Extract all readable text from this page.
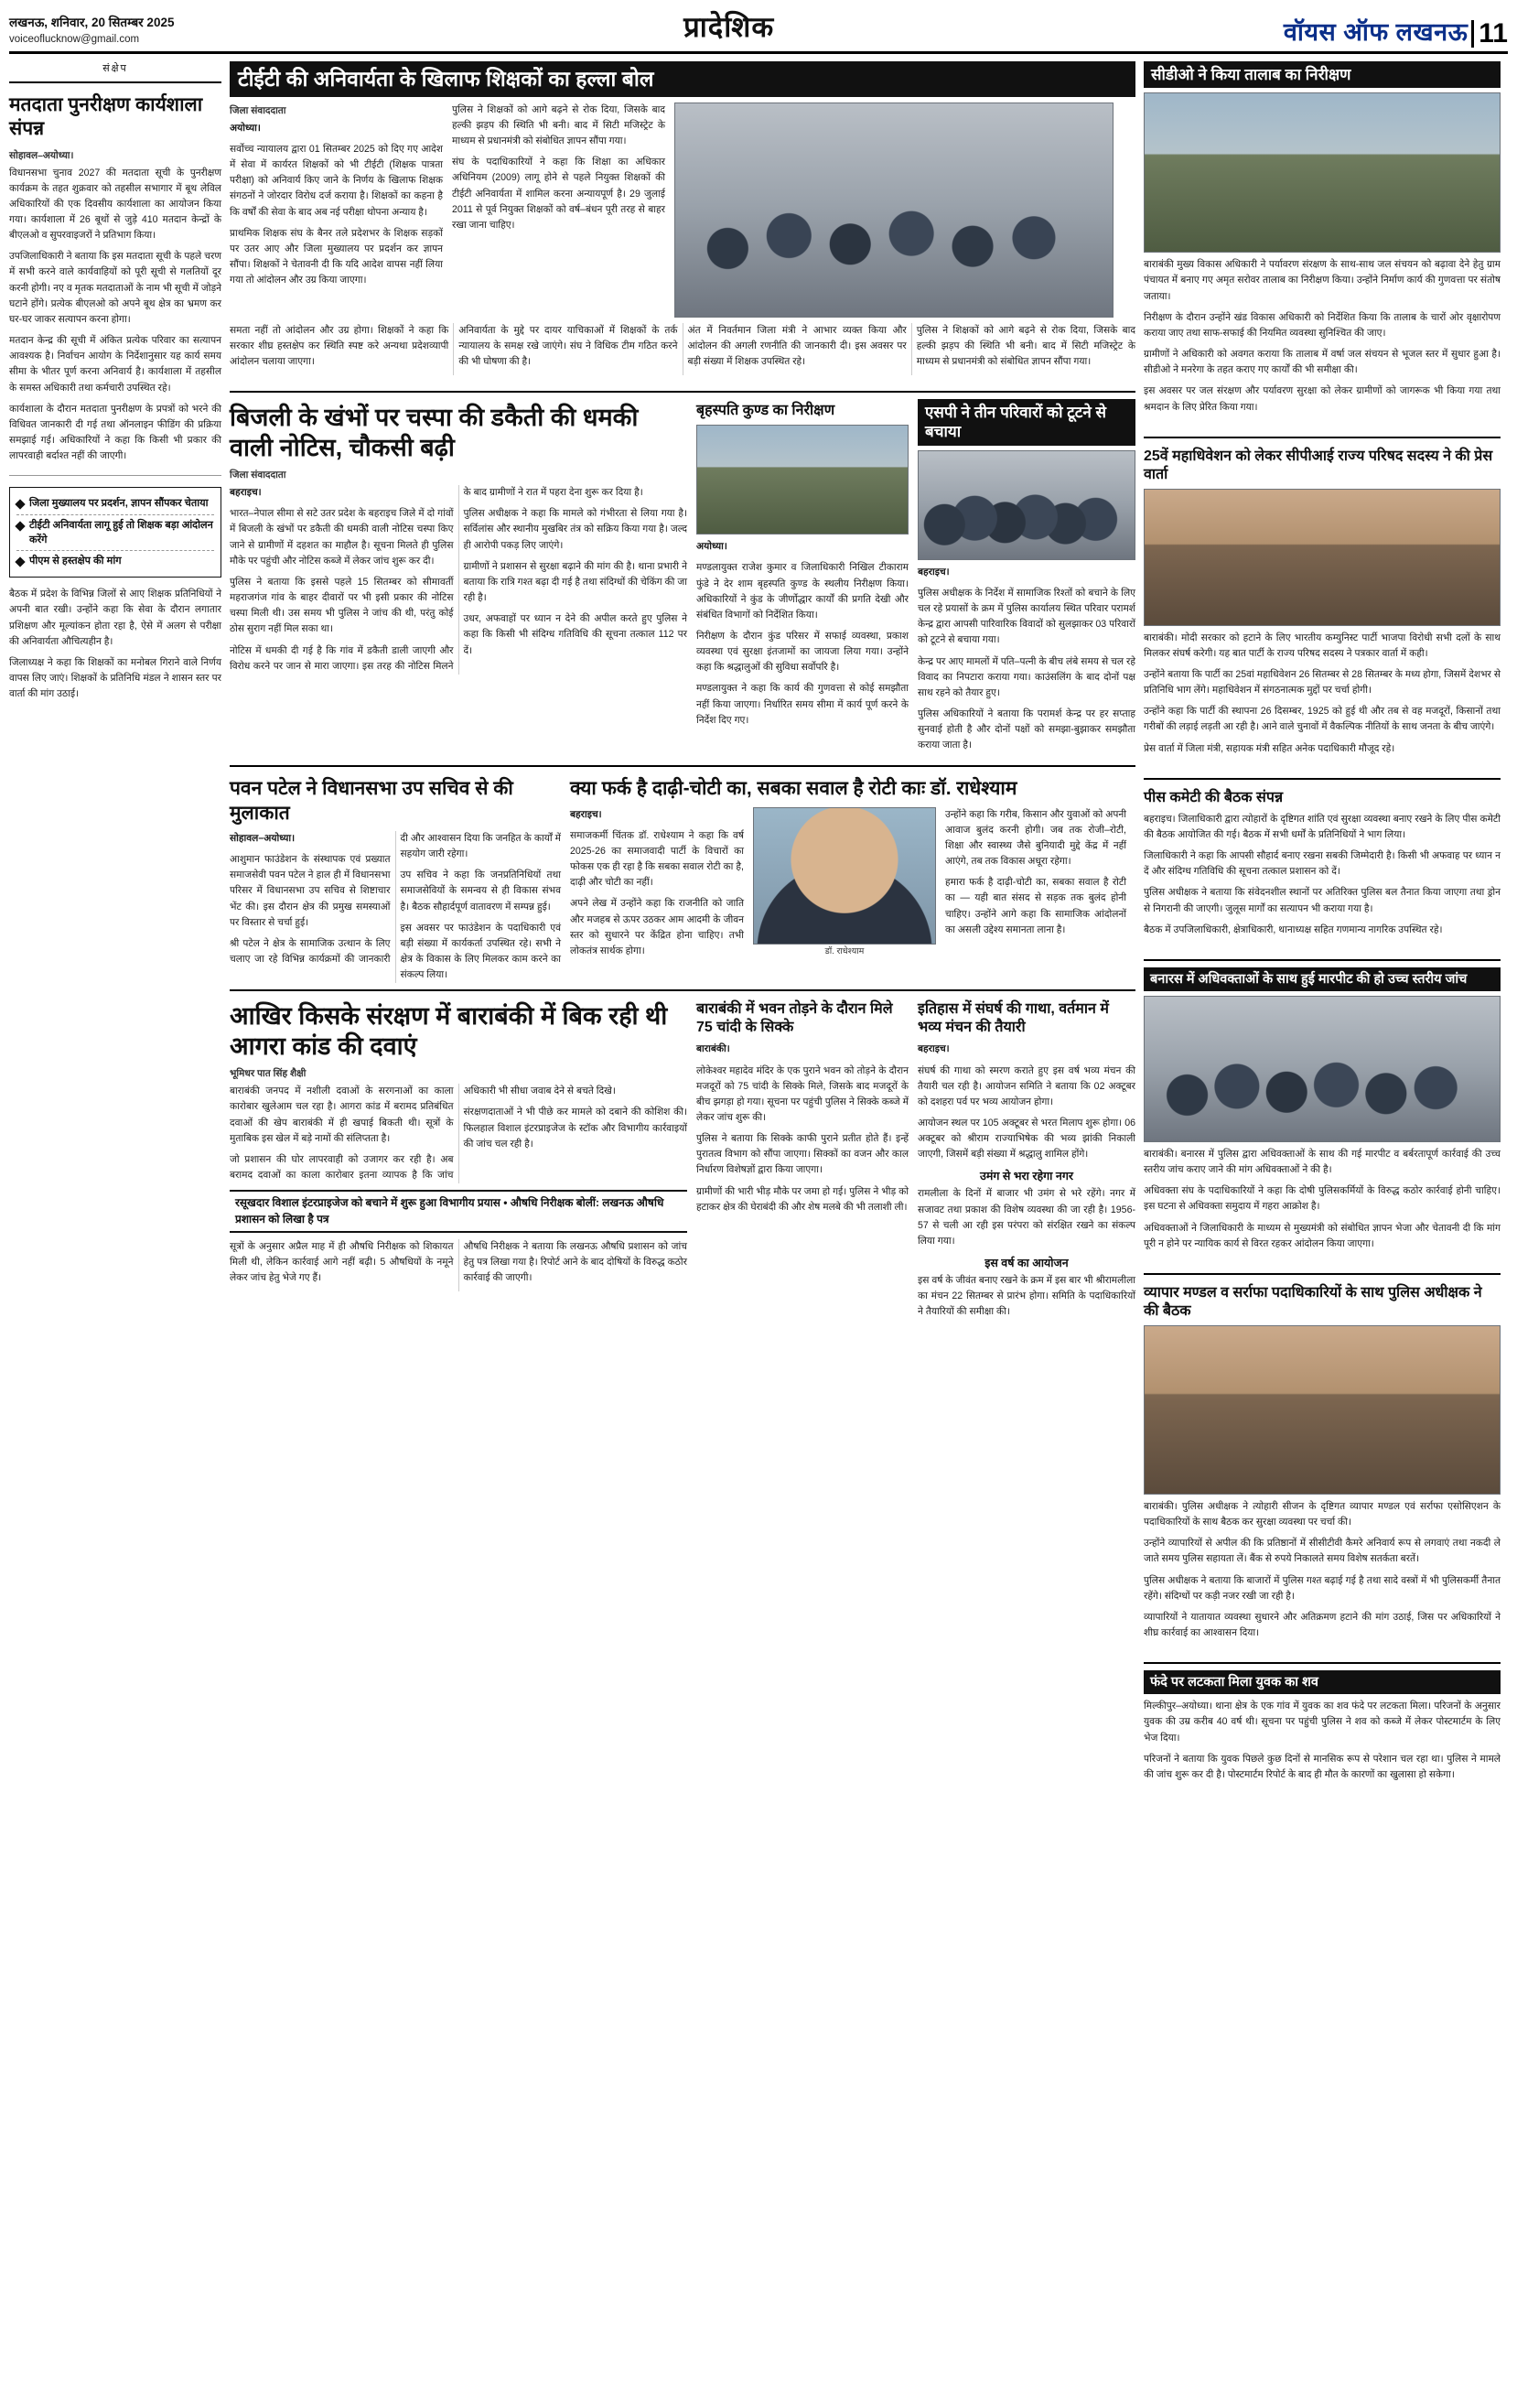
लखनऊ, शनिवार, 20 सितम्बर 2025
voiceoflucknow@gmail.com	प्रादेशिक	वॉयस ऑफ लखनऊ 11
संक्षेप
मतदाता पुनरीक्षण कार्यशाला संपन्न
सोहावल–अयोध्या।

विधानसभा चुनाव 2027 की मतदाता सूची के पुनरीक्षण कार्यक्रम के तहत शुक्रवार को तहसील सभागार में बूथ लेविल अधिकारियों की एक दिवसीय कार्यशाला का आयोजन किया गया। कार्यशाला में 26 बूथों से जुड़े 410 मतदान केन्द्रों के बीएलओ व सुपरवाइजरों ने प्रतिभाग किया।

उपजिलाधिकारी ने बताया कि इस मतदाता सूची के पहले चरण में सभी करने वाले कार्यवाहियों को पूरी सूची से गलतियों दूर करनी होगी। नए व मृतक मतदाताओं के नाम भी सूची में जोड़ने घटाने होंगे। प्रत्येक बीएलओ को अपने बूथ क्षेत्र का भ्रमण कर घर-घर जाकर सत्यापन करना होगा।

मतदान केन्द्र की सूची में अंकित प्रत्येक परिवार का सत्यापन आवश्यक है। निर्वाचन आयोग के निर्देशानुसार यह कार्य समय सीमा के भीतर पूर्ण करना अनिवार्य है। कार्यशाला में तहसील के समस्त अधिकारी तथा कर्मचारी उपस्थित रहे।

कार्यशाला के दौरान मतदाता पुनरीक्षण के प्रपत्रों को भरने की विधिवत जानकारी दी गई तथा ऑनलाइन फीडिंग की प्रक्रिया समझाई गई। अधिकारियों ने कहा कि किसी भी प्रकार की लापरवाही बर्दाश्त नहीं की जाएगी।

जिला मुख्यालय पर प्रदर्शन, ज्ञापन सौंपकर चेताया
टीईटी अनिवार्यता लागू हुई तो शिक्षक बड़ा आंदोलन करेंगे
पीएम से हस्तक्षेप की मांग

बैठक में प्रदेश के विभिन्न जिलों से आए शिक्षक प्रतिनिधियों ने अपनी बात रखी। उन्होंने कहा कि सेवा के दौरान लगातार प्रशिक्षण और मूल्यांकन होता रहा है, ऐसे में अलग से परीक्षा की अनिवार्यता औचित्यहीन है।

जिलाध्यक्ष ने कहा कि शिक्षकों का मनोबल गिराने वाले निर्णय वापस लिए जाएं। शिक्षकों के प्रतिनिधि मंडल ने शासन स्तर पर वार्ता की मांग उठाई।

टीईटी की अनिवार्यता के खिलाफ शिक्षकों का हल्ला बोल
जिला संवाददाता

अयोध्या।

सर्वोच्च न्यायालय द्वारा 01 सितम्बर 2025 को दिए गए आदेश में सेवा में कार्यरत शिक्षकों को भी टीईटी (शिक्षक पात्रता परीक्षा) को अनिवार्य किए जाने के निर्णय के खिलाफ शिक्षक संगठनों ने जोरदार विरोध दर्ज कराया है। शिक्षकों का कहना है कि वर्षों की सेवा के बाद अब नई परीक्षा थोपना अन्याय है।

प्राथमिक शिक्षक संघ के बैनर तले प्रदेशभर के शिक्षक सड़कों पर उतर आए और जिला मुख्यालय पर प्रदर्शन कर ज्ञापन सौंपा। शिक्षकों ने चेतावनी दी कि यदि आदेश वापस नहीं लिया गया तो आंदोलन और उग्र किया जाएगा।

पुलिस ने शिक्षकों को आगे बढ़ने से रोक दिया, जिसके बाद हल्की झड़प की स्थिति भी बनी। बाद में सिटी मजिस्ट्रेट के माध्यम से प्रधानमंत्री को संबोधित ज्ञापन सौंपा गया।

संघ के पदाधिकारियों ने कहा कि शिक्षा का अधिकार अधिनियम (2009) लागू होने से पहले नियुक्त शिक्षकों की टीईटी अनिवार्यता में शामिल करना अन्यायपूर्ण है। 29 जुलाई 2011 से पूर्व नियुक्त शिक्षकों को वर्ष–बंधन पूरी तरह से बाहर रखा जाना चाहिए।

समता नहीं तो आंदोलन और उग्र होगा। शिक्षकों ने कहा कि सरकार शीघ्र हस्तक्षेप कर स्थिति स्पष्ट करे अन्यथा प्रदेशव्यापी आंदोलन चलाया जाएगा।

अनिवार्यता के मुद्दे पर दायर याचिकाओं में शिक्षकों के तर्क न्यायालय के समक्ष रखे जाएंगे। संघ ने विधिक टीम गठित करने की भी घोषणा की है।

अंत में निवर्तमान जिला मंत्री ने आभार व्यक्त किया और आंदोलन की अगली रणनीति की जानकारी दी। इस अवसर पर बड़ी संख्या में शिक्षक उपस्थित रहे।

पुलिस ने शिक्षकों को आगे बढ़ने से रोक दिया, जिसके बाद हल्की झड़प की स्थिति भी बनी। बाद में सिटी मजिस्ट्रेट के माध्यम से प्रधानमंत्री को संबोधित ज्ञापन सौंपा गया।

बिजली के खंभों पर चस्पा की डकैती की धमकी वाली नोटिस, चौकसी बढ़ी
जिला संवाददाता

बहराइच।

भारत–नेपाल सीमा से सटे उतर प्रदेश के बहराइच जिले में दो गांवों में बिजली के खंभों पर डकैती की धमकी वाली नोटिस चस्पा किए जाने से ग्रामीणों में दहशत का माहौल है। सूचना मिलते ही पुलिस मौके पर पहुंची और नोटिस कब्जे में लेकर जांच शुरू कर दी।

पुलिस ने बताया कि इससे पहले 15 सितम्बर को सीमावर्ती महराजगंज गांव के बाहर दीवारों पर भी इसी प्रकार की नोटिस चस्पा मिली थी। उस समय भी पुलिस ने जांच की थी, परंतु कोई ठोस सुराग नहीं मिल सका था।

नोटिस में धमकी दी गई है कि गांव में डकैती डाली जाएगी और विरोध करने पर जान से मारा जाएगा। इस तरह की नोटिस मिलने के बाद ग्रामीणों ने रात में पहरा देना शुरू कर दिया है।

पुलिस अधीक्षक ने कहा कि मामले को गंभीरता से लिया गया है। सर्विलांस और स्थानीय मुखबिर तंत्र को सक्रिय किया गया है। जल्द ही आरोपी पकड़ लिए जाएंगे।

ग्रामीणों ने प्रशासन से सुरक्षा बढ़ाने की मांग की है। थाना प्रभारी ने बताया कि रात्रि गश्त बढ़ा दी गई है तथा संदिग्धों की चेकिंग की जा रही है।

उधर, अफवाहों पर ध्यान न देने की अपील करते हुए पुलिस ने कहा कि किसी भी संदिग्ध गतिविधि की सूचना तत्काल 112 पर दें।

बृहस्पति कुण्ड का निरीक्षण

अयोध्या।

मण्डलायुक्त राजेश कुमार व जिलाधिकारी निखिल टीकाराम फुंडे ने देर शाम बृहस्पति कुण्ड के स्थलीय निरीक्षण किया। अधिकारियों ने कुंड के जीर्णोद्धार कार्यों की प्रगति देखी और संबंधित विभागों को निर्देशित किया।

निरीक्षण के दौरान कुंड परिसर में सफाई व्यवस्था, प्रकाश व्यवस्था एवं सुरक्षा इंतजामों का जायजा लिया गया। उन्होंने कहा कि श्रद्धालुओं की सुविधा सर्वोपरि है।

मण्डलायुक्त ने कहा कि कार्य की गुणवत्ता से कोई समझौता नहीं किया जाएगा। निर्धारित समय सीमा में कार्य पूर्ण करने के निर्देश दिए गए।

एसपी ने तीन परिवारों को टूटने से बचाया

बहराइच।

पुलिस अधीक्षक के निर्देश में सामाजिक रिश्तों को बचाने के लिए चल रहे प्रयासों के क्रम में पुलिस कार्यालय स्थित परिवार परामर्श केन्द्र द्वारा आपसी पारिवारिक विवादों को सुलझाकर 03 परिवारों को टूटने से बचाया गया।

केन्द्र पर आए मामलों में पति–पत्नी के बीच लंबे समय से चल रहे विवाद का निपटारा कराया गया। काउंसलिंग के बाद दोनों पक्ष साथ रहने को तैयार हुए।

पुलिस अधिकारियों ने बताया कि परामर्श केन्द्र पर हर सप्ताह सुनवाई होती है और दोनों पक्षों को समझा-बुझाकर समझौता कराया जाता है।

पवन पटेल ने विधानसभा उप सचिव से की मुलाकात

सोहावल–अयोध्या।

आशुमान फाउंडेशन के संस्थापक एवं प्रख्यात समाजसेवी पवन पटेल ने हाल ही में विधानसभा परिसर में विधानसभा उप सचिव से शिष्टाचार भेंट की। इस दौरान क्षेत्र की प्रमुख समस्याओं पर विस्तार से चर्चा हुई।

श्री पटेल ने क्षेत्र के सामाजिक उत्थान के लिए चलाए जा रहे विभिन्न कार्यक्रमों की जानकारी दी और आश्वासन दिया कि जनहित के कार्यों में सहयोग जारी रहेगा।

उप सचिव ने कहा कि जनप्रतिनिधियों तथा समाजसेवियों के समन्वय से ही विकास संभव है। बैठक सौहार्दपूर्ण वातावरण में सम्पन्न हुई।

इस अवसर पर फाउंडेशन के पदाधिकारी एवं बड़ी संख्या में कार्यकर्ता उपस्थित रहे। सभी ने क्षेत्र के विकास के लिए मिलकर काम करने का संकल्प लिया।

क्या फर्क है दाढ़ी-चोटी का, सबका सवाल है रोटी काः डॉ. राधेश्याम

बहराइच।

समाजकर्मी चिंतक डॉ. राधेश्याम ने कहा कि वर्ष 2025-26 का समाजवादी पार्टी के विचारों का फोकस एक ही रहा है कि सबका सवाल रोटी का है, दाढ़ी और चोटी का नहीं।

अपने लेख में उन्होंने कहा कि राजनीति को जाति और मजहब से ऊपर उठकर आम आदमी के जीवन स्तर को सुधारने पर केंद्रित होना चाहिए। तभी लोकतंत्र सार्थक होगा।	डॉ. राधेश्याम

उन्होंने कहा कि गरीब, किसान और युवाओं को अपनी आवाज बुलंद करनी होगी। जब तक रोजी–रोटी, शिक्षा और स्वास्थ्य जैसे बुनियादी मुद्दे केंद्र में नहीं आएंगे, तब तक विकास अधूरा रहेगा।

हमारा फर्क है दाढ़ी-चोटी का, सबका सवाल है रोटी का — यही बात संसद से सड़क तक बुलंद होनी चाहिए। उन्होंने आगे कहा कि सामाजिक आंदोलनों का असली उद्देश्य समानता लाना है।

आखिर किसके संरक्षण में बाराबंकी में बिक रही थी आगरा कांड की दवाएं
भूमिधर पात सिंह शैक्षी

बाराबंकी जनपद में नशीली दवाओं के सरगनाओं का काला कारोबार खुलेआम चल रहा है। आगरा कांड में बरामद प्रतिबंधित दवाओं की खेप बाराबंकी में ही खपाई बिकती थी। सूत्रों के मुताबिक इस खेल में बड़े नामों की संलिप्तता है।

जो प्रशासन की घोर लापरवाही को उजागर कर रही है। अब बरामद दवाओं का काला कारोबार इतना व्यापक है कि जांच अधिकारी भी सीधा जवाब देने से बचते दिखे।

संरक्षणदाताओं ने भी पीछे कर मामले को दबाने की कोशिश की। फिलहाल विशाल इंटरप्राइजेज के स्टॉक और विभागीय कार्रवाइयों की जांच चल रही है।

रसूखदार विशाल इंटरप्राइजेज को बचाने में शुरू हुआ विभागीय प्रयास • औषधि निरीक्षक बोलीं: लखनऊ औषधि प्रशासन को लिखा है पत्र

सूत्रों के अनुसार अप्रैल माह में ही औषधि निरीक्षक को शिकायत मिली थी, लेकिन कार्रवाई आगे नहीं बढ़ी। 5 औषधियों के नमूने लेकर जांच हेतु भेजे गए हैं।

औषधि निरीक्षक ने बताया कि लखनऊ औषधि प्रशासन को जांच हेतु पत्र लिखा गया है। रिपोर्ट आने के बाद दोषियों के विरुद्ध कठोर कार्रवाई की जाएगी।

बाराबंकी में भवन तोड़ने के दौरान मिले 75 चांदी के सिक्के

बाराबंकी।

लोकेश्वर महादेव मंदिर के एक पुराने भवन को तोड़ने के दौरान मजदूरों को 75 चांदी के सिक्के मिले, जिसके बाद मजदूरों के बीच झगड़ा हो गया। सूचना पर पहुंची पुलिस ने सिक्के कब्जे में लेकर जांच शुरू की।

पुलिस ने बताया कि सिक्के काफी पुराने प्रतीत होते हैं। इन्हें पुरातत्व विभाग को सौंपा जाएगा। सिक्कों का वजन और काल निर्धारण विशेषज्ञों द्वारा किया जाएगा।

ग्रामीणों की भारी भीड़ मौके पर जमा हो गई। पुलिस ने भीड़ को हटाकर क्षेत्र की घेराबंदी की और शेष मलबे की भी तलाशी ली।

इतिहास में संघर्ष की गाथा, वर्तमान में भव्य मंचन की तैयारी

बहराइच।

संघर्ष की गाथा को स्मरण कराते हुए इस वर्ष भव्य मंचन की तैयारी चल रही है। आयोजन समिति ने बताया कि 02 अक्टूबर को दशहरा पर्व पर भव्य आयोजन होगा।

आयोजन स्थल पर 105 अक्टूबर से भरत मिलाप शुरू होगा। 06 अक्टूबर को श्रीराम राज्याभिषेक की भव्य झांकी निकाली जाएगी, जिसमें बड़ी संख्या में श्रद्धालु शामिल होंगे।

उमंग से भरा रहेगा नगर

रामलीला के दिनों में बाजार भी उमंग से भरे रहेंगे। नगर में सजावट तथा प्रकाश की विशेष व्यवस्था की जा रही है। 1956-57 से चली आ रही इस परंपरा को संरक्षित रखने का संकल्प लिया गया।

इस वर्ष का आयोजन

इस वर्ष के जीवंत बनाए रखने के क्रम में इस बार भी श्रीरामलीला का मंचन 22 सितम्बर से प्रारंभ होगा। समिति के पदाधिकारियों ने तैयारियों की समीक्षा की।

सीडीओ ने किया तालाब का निरीक्षण

बाराबंकी मुख्य विकास अधिकारी ने पर्यावरण संरक्षण के साथ-साथ जल संचयन को बढ़ावा देने हेतु ग्राम पंचायत में बनाए गए अमृत सरोवर तालाब का निरीक्षण किया। उन्होंने निर्माण कार्य की गुणवत्ता पर संतोष जताया।

निरीक्षण के दौरान उन्होंने खंड विकास अधिकारी को निर्देशित किया कि तालाब के चारों ओर वृक्षारोपण कराया जाए तथा साफ-सफाई की नियमित व्यवस्था सुनिश्चित की जाए।

ग्रामीणों ने अधिकारी को अवगत कराया कि तालाब में वर्षा जल संचयन से भूजल स्तर में सुधार हुआ है। सीडीओ ने मनरेगा के तहत कराए गए कार्यों की भी समीक्षा की।

इस अवसर पर जल संरक्षण और पर्यावरण सुरक्षा को लेकर ग्रामीणों को जागरूक भी किया गया तथा श्रमदान के लिए प्रेरित किया गया।

25वें महाधिवेशन को लेकर सीपीआई राज्य परिषद सदस्य ने की प्रेस वार्ता

बाराबंकी। मोदी सरकार को हटाने के लिए भारतीय कम्युनिस्ट पार्टी भाजपा विरोधी सभी दलों के साथ मिलकर संघर्ष करेगी। यह बात पार्टी के राज्य परिषद सदस्य ने पत्रकार वार्ता में कही।

उन्होंने बताया कि पार्टी का 25वां महाधिवेशन 26 सितम्बर से 28 सितम्बर के मध्य होगा, जिसमें देशभर से प्रतिनिधि भाग लेंगे। महाधिवेशन में संगठनात्मक मुद्दों पर चर्चा होगी।

उन्होंने कहा कि पार्टी की स्थापना 26 दिसम्बर, 1925 को हुई थी और तब से वह मजदूरों, किसानों तथा गरीबों की लड़ाई लड़ती आ रही है। आने वाले चुनावों में वैकल्पिक नीतियों के साथ जनता के बीच जाएंगे।

प्रेस वार्ता में जिला मंत्री, सहायक मंत्री सहित अनेक पदाधिकारी मौजूद रहे।

पीस कमेटी की बैठक संपन्न

बहराइच। जिलाधिकारी द्वारा त्योहारों के दृष्टिगत शांति एवं सुरक्षा व्यवस्था बनाए रखने के लिए पीस कमेटी की बैठक आयोजित की गई। बैठक में सभी धर्मों के प्रतिनिधियों ने भाग लिया।

जिलाधिकारी ने कहा कि आपसी सौहार्द बनाए रखना सबकी जिम्मेदारी है। किसी भी अफवाह पर ध्यान न दें और संदिग्ध गतिविधि की सूचना तत्काल प्रशासन को दें।

पुलिस अधीक्षक ने बताया कि संवेदनशील स्थानों पर अतिरिक्त पुलिस बल तैनात किया जाएगा तथा ड्रोन से निगरानी की जाएगी। जुलूस मार्गों का सत्यापन भी कराया गया है।

बैठक में उपजिलाधिकारी, क्षेत्राधिकारी, थानाध्यक्ष सहित गणमान्य नागरिक उपस्थित रहे।

बनारस में अधिवक्ताओं के साथ हुई मारपीट की हो उच्च स्तरीय जांच

बाराबंकी। बनारस में पुलिस द्वारा अधिवक्ताओं के साथ की गई मारपीट व बर्बरतापूर्ण कार्रवाई की उच्च स्तरीय जांच कराए जाने की मांग अधिवक्ताओं ने की है।

अधिवक्ता संघ के पदाधिकारियों ने कहा कि दोषी पुलिसकर्मियों के विरुद्ध कठोर कार्रवाई होनी चाहिए। इस घटना से अधिवक्ता समुदाय में गहरा आक्रोश है।

अधिवक्ताओं ने जिलाधिकारी के माध्यम से मुख्यमंत्री को संबोधित ज्ञापन भेजा और चेतावनी दी कि मांग पूरी न होने पर न्यायिक कार्य से विरत रहकर आंदोलन किया जाएगा।

व्यापार मण्डल व सर्राफा पदाधिकारियों के साथ पुलिस अधीक्षक ने की बैठक

बाराबंकी। पुलिस अधीक्षक ने त्योहारी सीजन के दृष्टिगत व्यापार मण्डल एवं सर्राफा एसोसिएशन के पदाधिकारियों के साथ बैठक कर सुरक्षा व्यवस्था पर चर्चा की।

उन्होंने व्यापारियों से अपील की कि प्रतिष्ठानों में सीसीटीवी कैमरे अनिवार्य रूप से लगवाएं तथा नकदी ले जाते समय पुलिस सहायता लें। बैंक से रुपये निकालते समय विशेष सतर्कता बरतें।

पुलिस अधीक्षक ने बताया कि बाजारों में पुलिस गश्त बढ़ाई गई है तथा सादे वस्त्रों में भी पुलिसकर्मी तैनात रहेंगे। संदिग्धों पर कड़ी नजर रखी जा रही है।

व्यापारियों ने यातायात व्यवस्था सुधारने और अतिक्रमण हटाने की मांग उठाई, जिस पर अधिकारियों ने शीघ्र कार्रवाई का आश्वासन दिया।

फंदे पर लटकता मिला युवक का शव

मिल्कीपुर–अयोध्या। थाना क्षेत्र के एक गांव में युवक का शव फंदे पर लटकता मिला। परिजनों के अनुसार युवक की उम्र करीब 40 वर्ष थी। सूचना पर पहुंची पुलिस ने शव को कब्जे में लेकर पोस्टमार्टम के लिए भेज दिया।

परिजनों ने बताया कि युवक पिछले कुछ दिनों से मानसिक रूप से परेशान चल रहा था। पुलिस ने मामले की जांच शुरू कर दी है। पोस्टमार्टम रिपोर्ट के बाद ही मौत के कारणों का खुलासा हो सकेगा।
